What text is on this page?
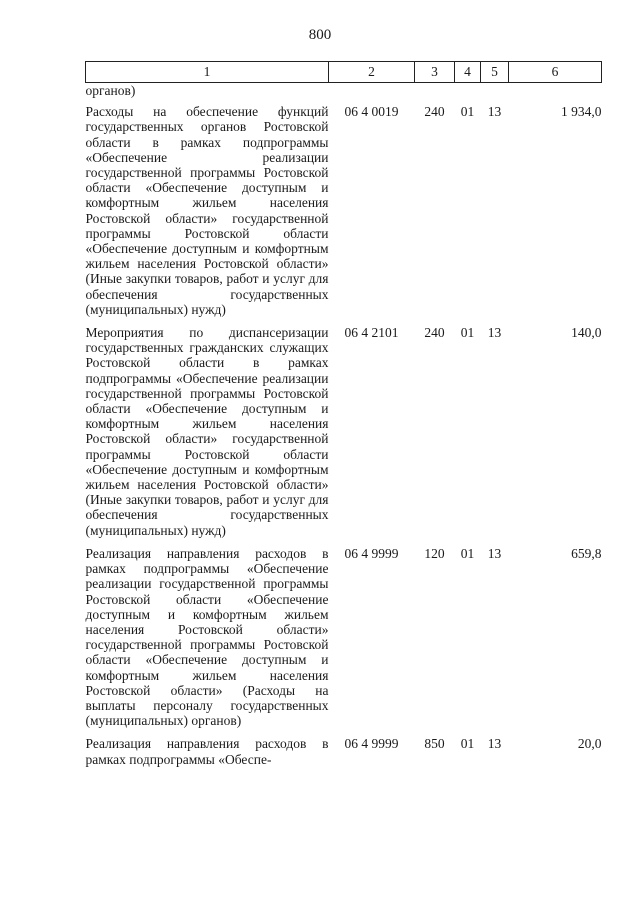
800
1	2	3	4	5	6
органов)					

Расходы на обеспечение функций государственных органов Ростовской области в рамках подпрограммы «Обеспечение реализации государственной программы Ростовской области «Обеспечение доступным и комфортным жильем населения Ростовской области» государственной программы Ростовской области «Обеспечение доступным и комфортным жильем населения Ростовской области» (Иные закупки товаров, работ и услуг для обеспечения государственных (муниципальных) нужд)	06 4 0019	240	01	13	1 934,0

Мероприятия по диспансеризации государственных гражданских служащих Ростовской области в рамках подпрограммы «Обеспечение реализации государственной программы Ростовской области «Обеспечение доступным и комфортным жильем населения Ростовской области» государственной программы Ростовской области «Обеспечение доступным и комфортным жильем населения Ростовской области» (Иные закупки товаров, работ и услуг для обеспечения государственных (муниципальных) нужд)	06 4 2101	240	01	13	140,0

Реализация направления расходов в рамках подпрограммы «Обеспечение реализации государственной программы Ростовской области «Обеспечение доступным и комфортным жильем населения Ростовской области» государственной программы Ростовской области «Обеспечение доступным и комфортным жильем населения Ростовской области» (Расходы на выплаты персоналу государственных (муниципальных) органов)	06 4 9999	120	01	13	659,8

Реализация направления расходов в рамках подпрограммы «Обеспе-	06 4 9999	850	01	13	20,0
